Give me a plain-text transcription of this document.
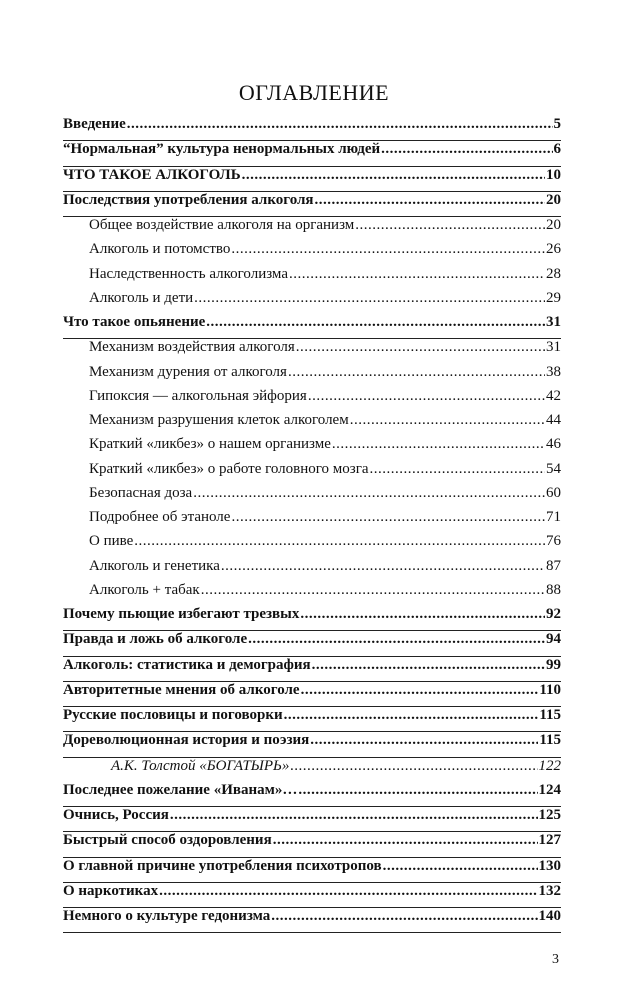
ОГЛАВЛЕНИЕ
Введение .....	5
“Нормальная” культура ненормальных людей .....	6
ЧТО ТАКОЕ АЛКОГОЛЬ .....	10
Последствия употребления алкоголя .....	20
Общее воздействие алкоголя на организм .....	20
Алкоголь и потомство .....	26
Наследственность алкоголизма .....	28
Алкоголь и дети .....	29
Что такое опьянение .....	31
Механизм воздействия алкоголя .....	31
Механизм дурения от алкоголя .....	38
Гипоксия — алкогольная эйфория .....	42
Механизм разрушения клеток алкоголем .....	44
Краткий «ликбез» о нашем организме .....	46
Краткий «ликбез» о работе головного мозга .....	54
Безопасная доза .....	60
Подробнее об этаноле .....	71
О пиве .....	76
Алкоголь и генетика .....	87
Алкоголь + табак .....	88
Почему пьющие избегают трезвых .....	92
Правда и ложь об алкоголе .....	94
Алкоголь: статистика и демография .....	99
Авторитетные мнения об алкоголе .....	110
Русские пословицы и поговорки .....	115
Дореволюционная история и поэзия .....	115
А.К. Толстой «БОГАТЫРЬ» .....	122
Последнее пожелание «Иванам»… .....	124
Очнись, Россия .....	125
Быстрый способ оздоровления .....	127
О главной причине употребления психотропов .....	130
О наркотиках .....	132
Немного о культуре гедонизма .....	140
3
